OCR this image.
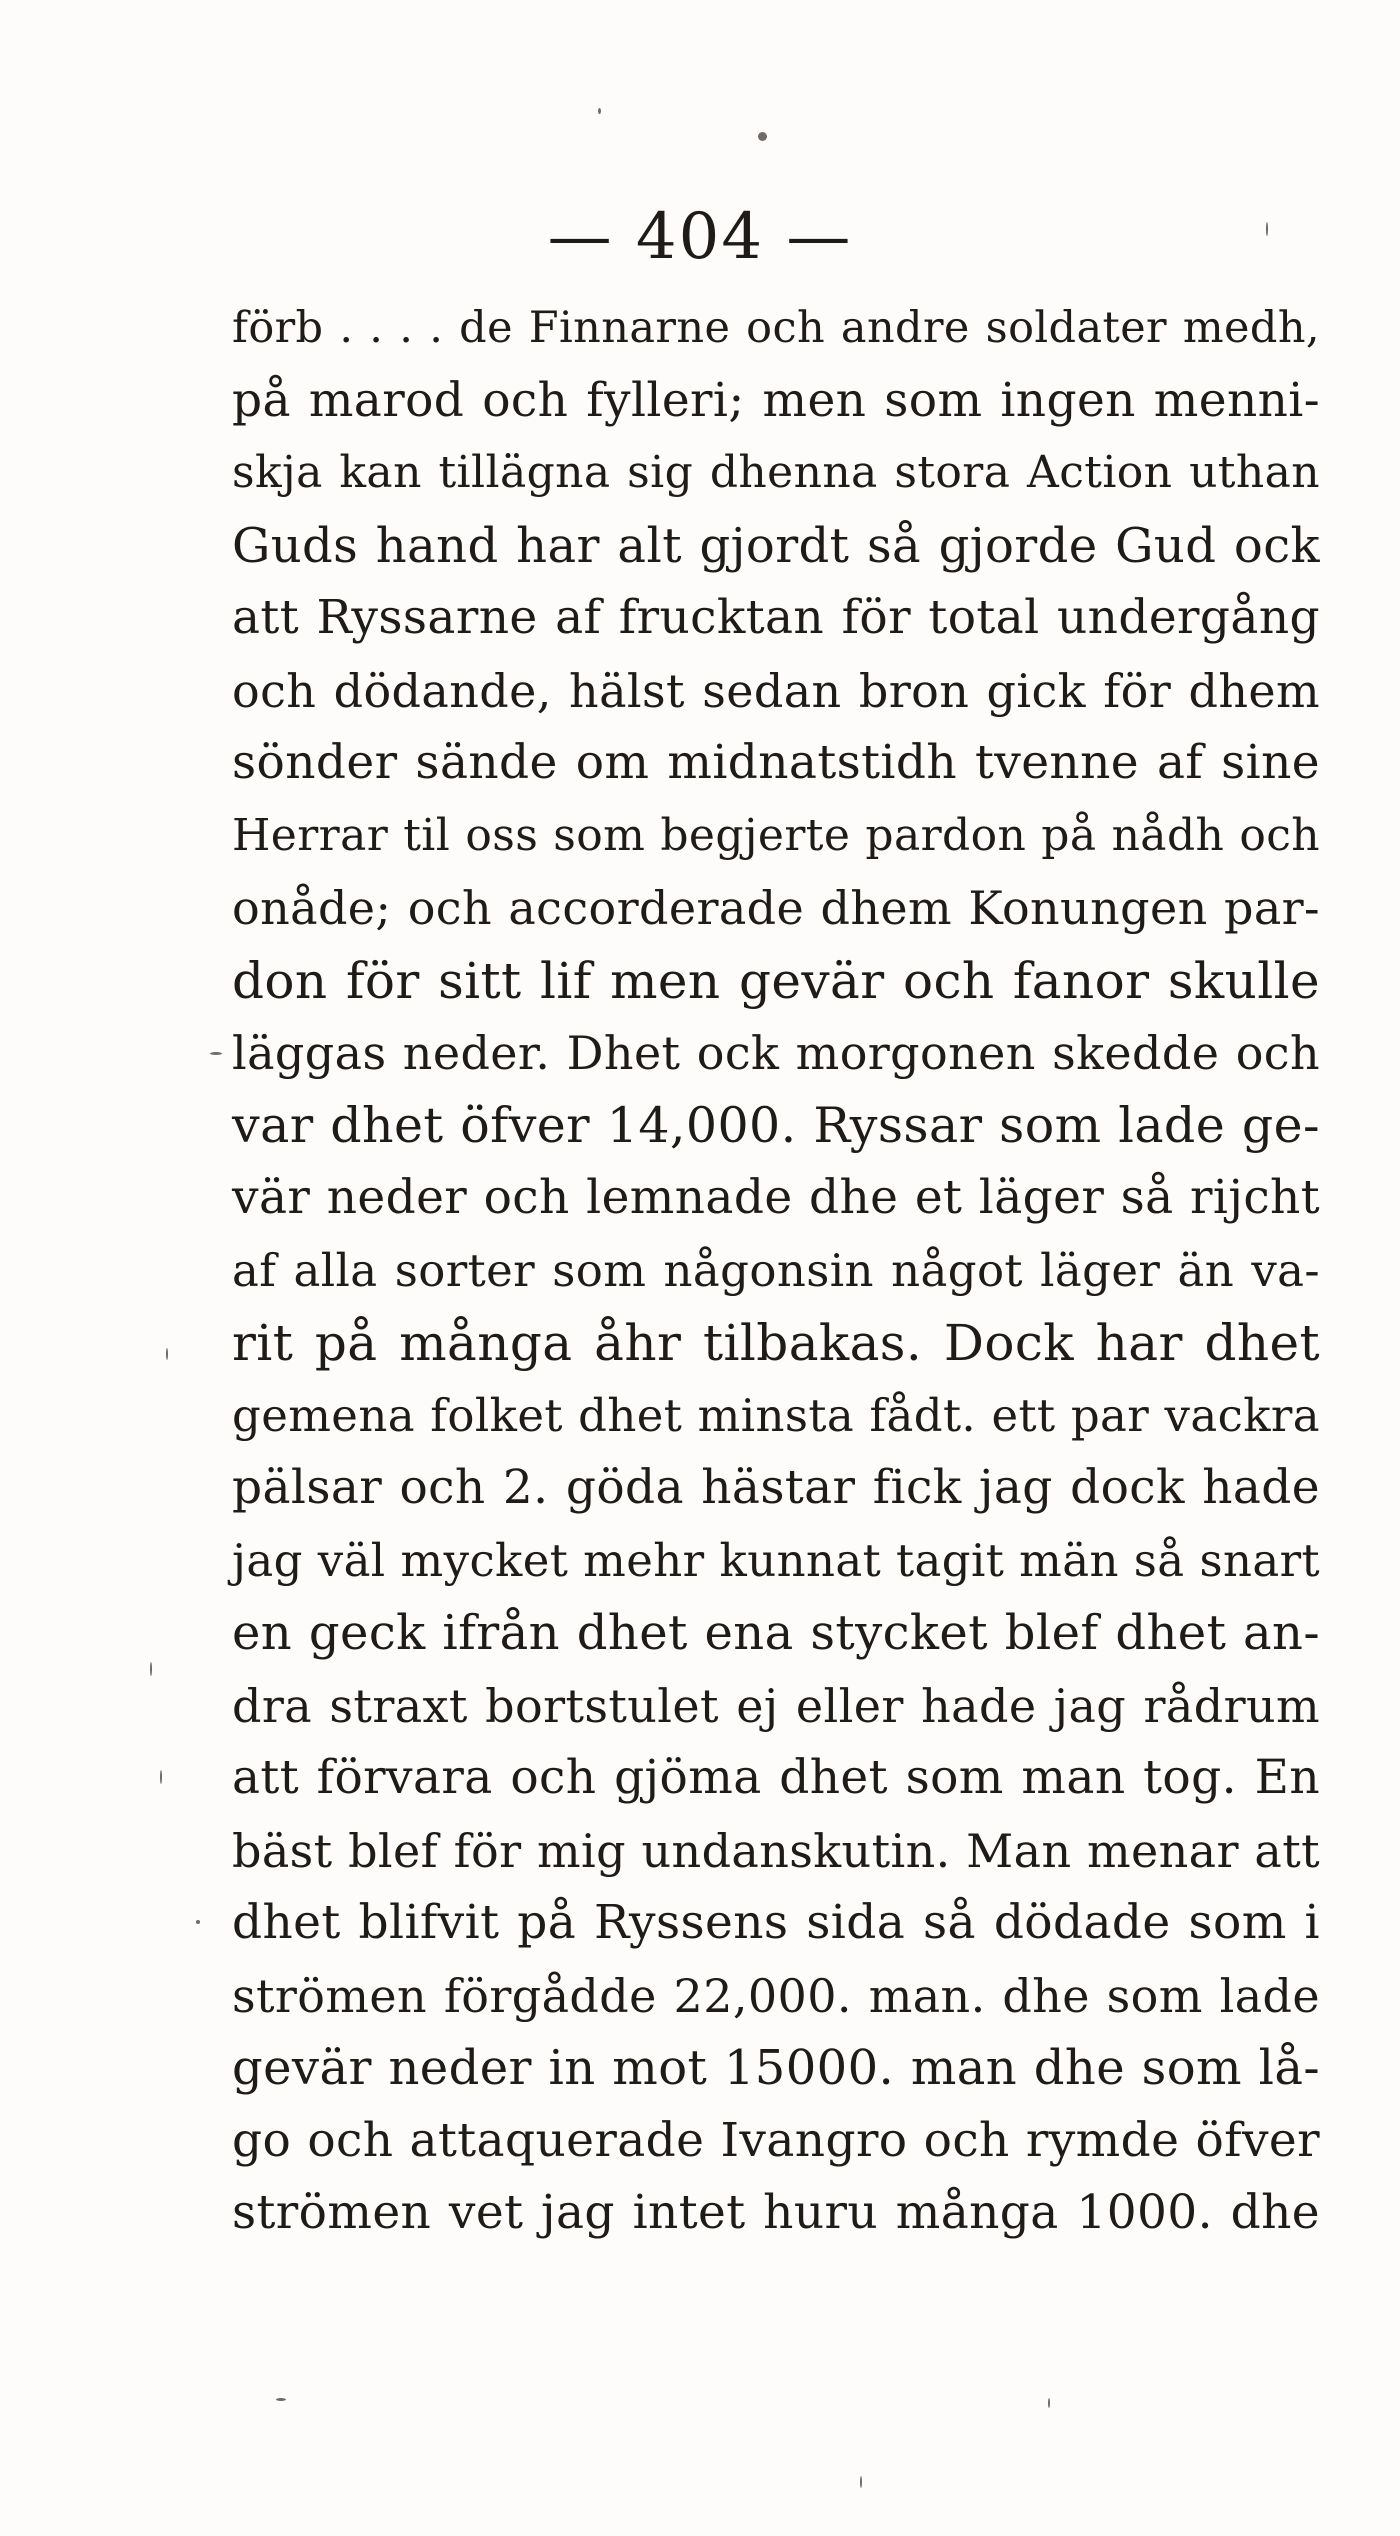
— 404 —
förb . . . . de Finnarne och andre soldater medh,
på marod och fylleri; men som ingen menni-
skja kan tillägna sig dhenna stora Action uthan
Guds hand har alt gjordt så gjorde Gud ock
att Ryssarne af frucktan för total undergång
och dödande, hälst sedan bron gick för dhem
sönder sände om midnatstidh tvenne af sine
Herrar til oss som begjerte pardon på nådh och
onåde; och accorderade dhem Konungen par-
don för sitt lif men gevär och fanor skulle
läggas neder. Dhet ock morgonen skedde och
var dhet öfver 14,000. Ryssar som lade ge-
vär neder och lemnade dhe et läger så rijcht
af alla sorter som någonsin något läger än va-
rit på många åhr tilbakas. Dock har dhet
gemena folket dhet minsta fådt. ett par vackra
pälsar och 2. göda hästar fick jag dock hade
jag väl mycket mehr kunnat tagit män så snart
en geck ifrån dhet ena stycket blef dhet an-
dra straxt bortstulet ej eller hade jag rådrum
att förvara och gjöma dhet som man tog. En
bäst blef för mig undanskutin. Man menar att
dhet blifvit på Ryssens sida så dödade som i
strömen förgådde 22,000. man. dhe som lade
gevär neder in mot 15000. man dhe som lå-
go och attaquerade Ivangro och rymde öfver
strömen vet jag intet huru många 1000. dhe
